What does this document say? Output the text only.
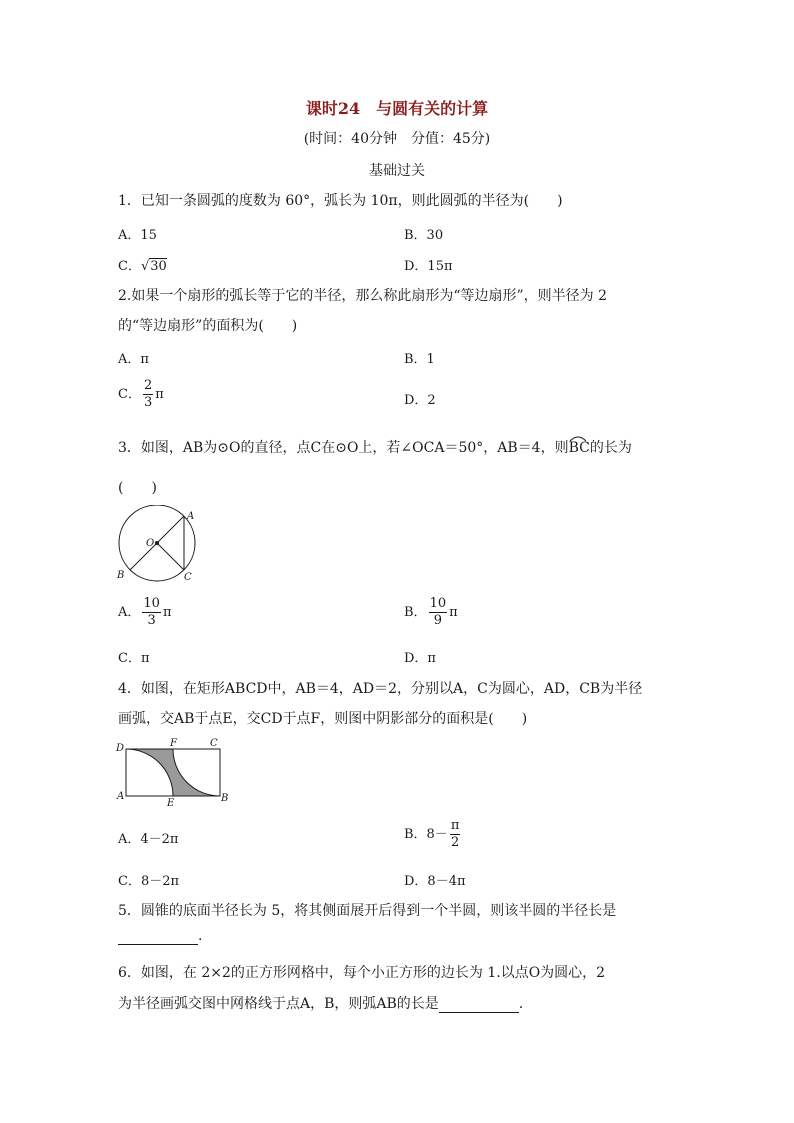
课时24　与圆有关的计算
(时间：40分钟　分值：45分)
基础过关
1．已知一条圆弧的度数为 60°，弧长为 10π，则此圆弧的半径为(　　)
A．15	B．30
C．√30	D．15π
2.如果一个扇形的弧长等于它的半径，那么称此扇形为“等边扇形”，则半径为 2
的“等边扇形”的面积为(　　)
A．π	B．1
C． $\frac{2}{3}$ π	D．2
3．如图，AB为⊙O的直径，点C在⊙O上，若∠OCA＝50°，AB＝4，则
BC的长为
(　　)
A
O
B	C
A． $\frac{10}{3}$ π	B． $\frac{10}{9}$ π
C．π	D．π
4．如图，在矩形ABCD中，AB＝4，AD＝2，分别以A，C为圆心，AD，CB为半径
画弧，交AB于点E，交CD于点F，则图中阴影部分的面积是(　　)
D	F	C
A
E	B
A．4－2π	B．$8- \frac{\pi}{2}$
C．8－2π	D．8－4π
5．圆锥的底面半径长为 5，将其侧面展开后得到一个半圆，则该半圆的半径长是
.
6．如图，在 2×2的正方形网格中，每个小正方形的边长为 1.以点O为圆心，2
为半径画弧交图中网格线于点A，B，则弧AB的长是	.
